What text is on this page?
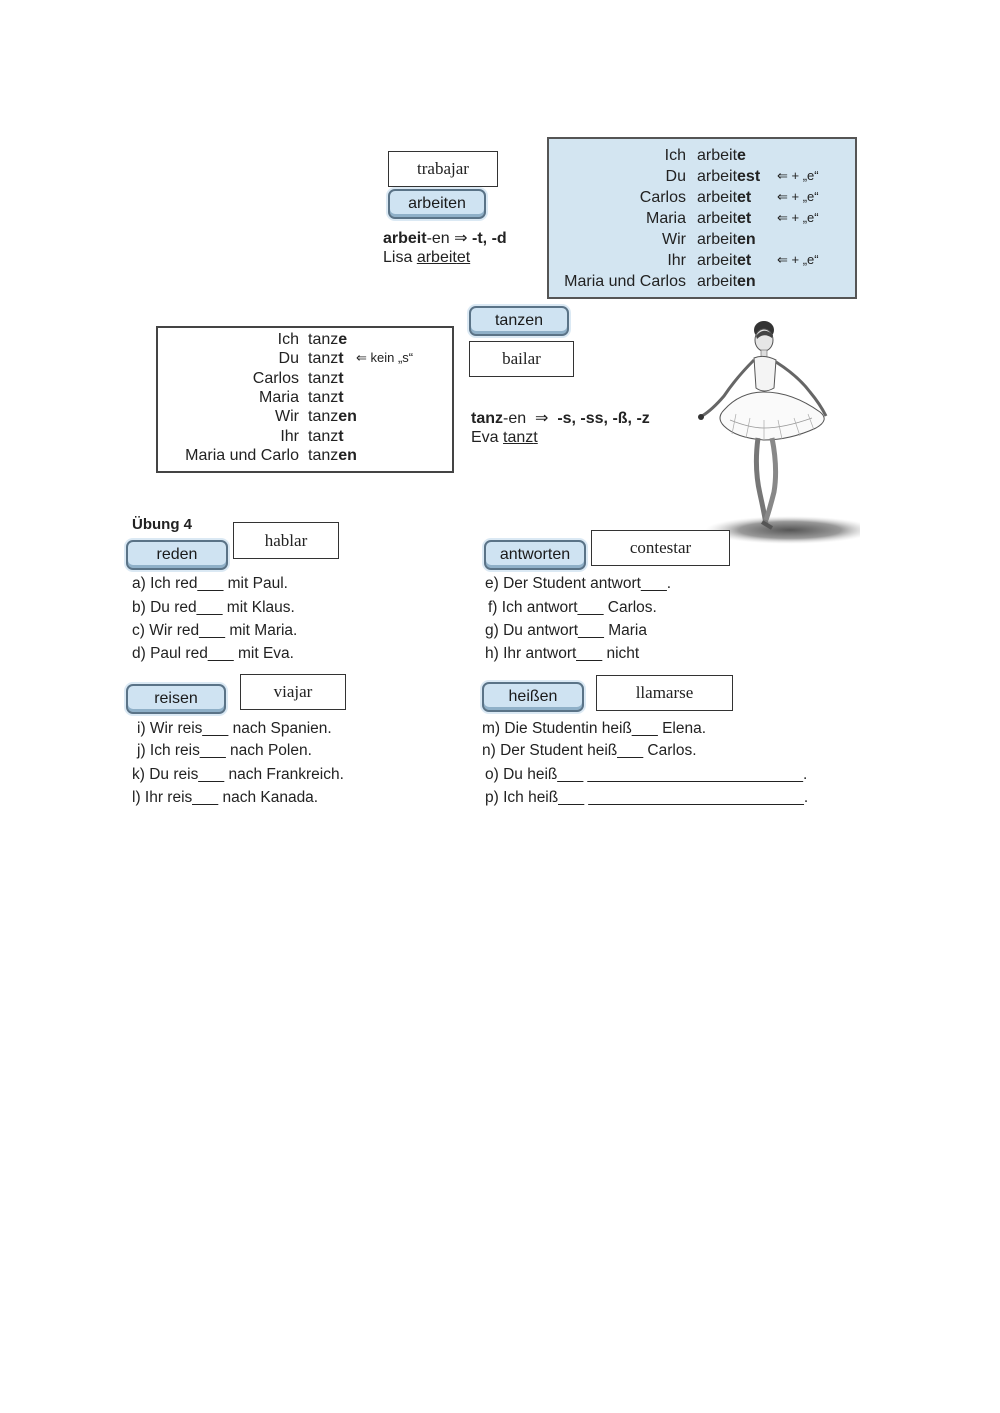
trabajar
arbeiten
arbeit-en ⇒ -t, -d
Lisa arbeitet
Ich arbeite
Du arbeitest ⇐ + „e“
Carlos arbeitet ⇐ + „e“
Maria arbeitet ⇐ + „e“
Wir arbeiten
Ihr arbeitet ⇐ + „e“
Maria und Carlos arbeiten
tanzen
bailar
Ich tanze
Du tanzt ⇐ kein „s“
Carlos tanzt
Maria tanzt
Wir tanzen
Ihr tanzt
Maria und Carlo tanzen
tanz-en ⇒ -s, -ss, -ß, -z
Eva tanzt
Übung 4
reden
hablar
a) Ich red___ mit Paul.
b) Du red___ mit Klaus.
c) Wir red___ mit Maria.
d) Paul red___ mit Eva.
antworten	contestar
e) Der Student antwort___.
f) Ich antwort___ Carlos.
g) Du antwort___ Maria
h) Ihr antwort___ nicht
reisen	viajar
i) Wir reis___ nach Spanien.
j) Ich reis___ nach Polen.
k) Du reis___ nach Frankreich.
l) Ihr reis___ nach Kanada.
heißen	llamarse
m) Die Studentin heiß___ Elena.
n) Der Student heiß___ Carlos.
o) Du heiß___ _________________________.
p) Ich heiß___ _________________________.
